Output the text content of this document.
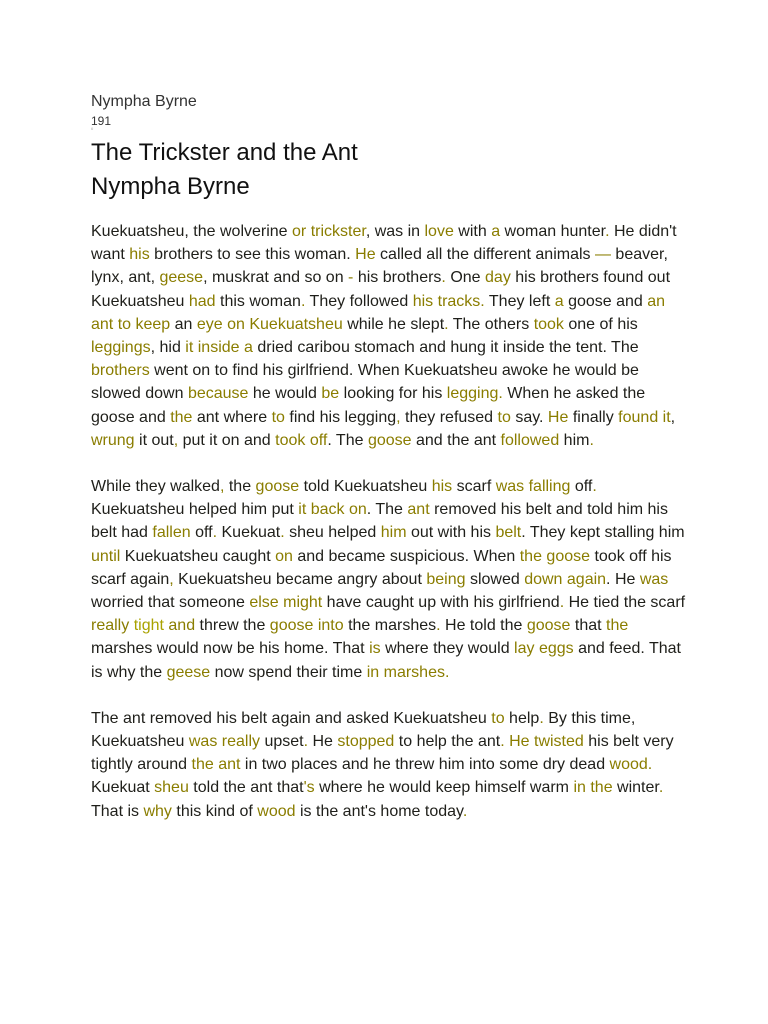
Nympha Byrne
191
º
The Trickster and the Ant
Nympha Byrne

Kuekuatsheu, the wolverine or trickster, was in love with a woman hunter. He didn't want his brothers to see this woman. He called all the different animals — beaver, lynx, ant, geese, muskrat and so on - his brothers. One day his brothers found out Kuekuatsheu had this woman. They followed his tracks. They left a goose and an ant to keep an eye on Kuekuatsheu while he slept. The others took one of his leggings, hid it inside a dried caribou stomach and hung it inside the tent. The brothers went on to find his girlfriend. When Kuekuatsheu awoke he would be slowed down because he would be looking for his legging. When he asked the goose and the ant where to find his legging, they refused to say. He finally found it, wrung it out, put it on and took off. The goose and the ant followed him.

While they walked, the goose told Kuekuatsheu his scarf was falling off. Kuekuatsheu helped him put it back on. The ant removed his belt and told him his belt had fallen off. Kuekuat. sheu helped him out with his belt. They kept stalling him until Kuekuatsheu caught on and became suspicious. When the goose took off his scarf again, Kuekuatsheu became angry about being slowed down again. He was worried that someone else might have caught up with his girlfriend. He tied the scarf really tight and threw the goose into the marshes. He told the goose that the marshes would now be his home. That is where they would lay eggs and feed. That is why the geese now spend their time in marshes.

The ant removed his belt again and asked Kuekuatsheu to help. By this time, Kuekuatsheu was really upset. He stopped to help the ant. He twisted his belt very tightly around the ant in two places and he threw him into some dry dead wood. Kuekuat sheu told the ant that's where he would keep himself warm in the winter. That is why this kind of wood is the ant's home today.
